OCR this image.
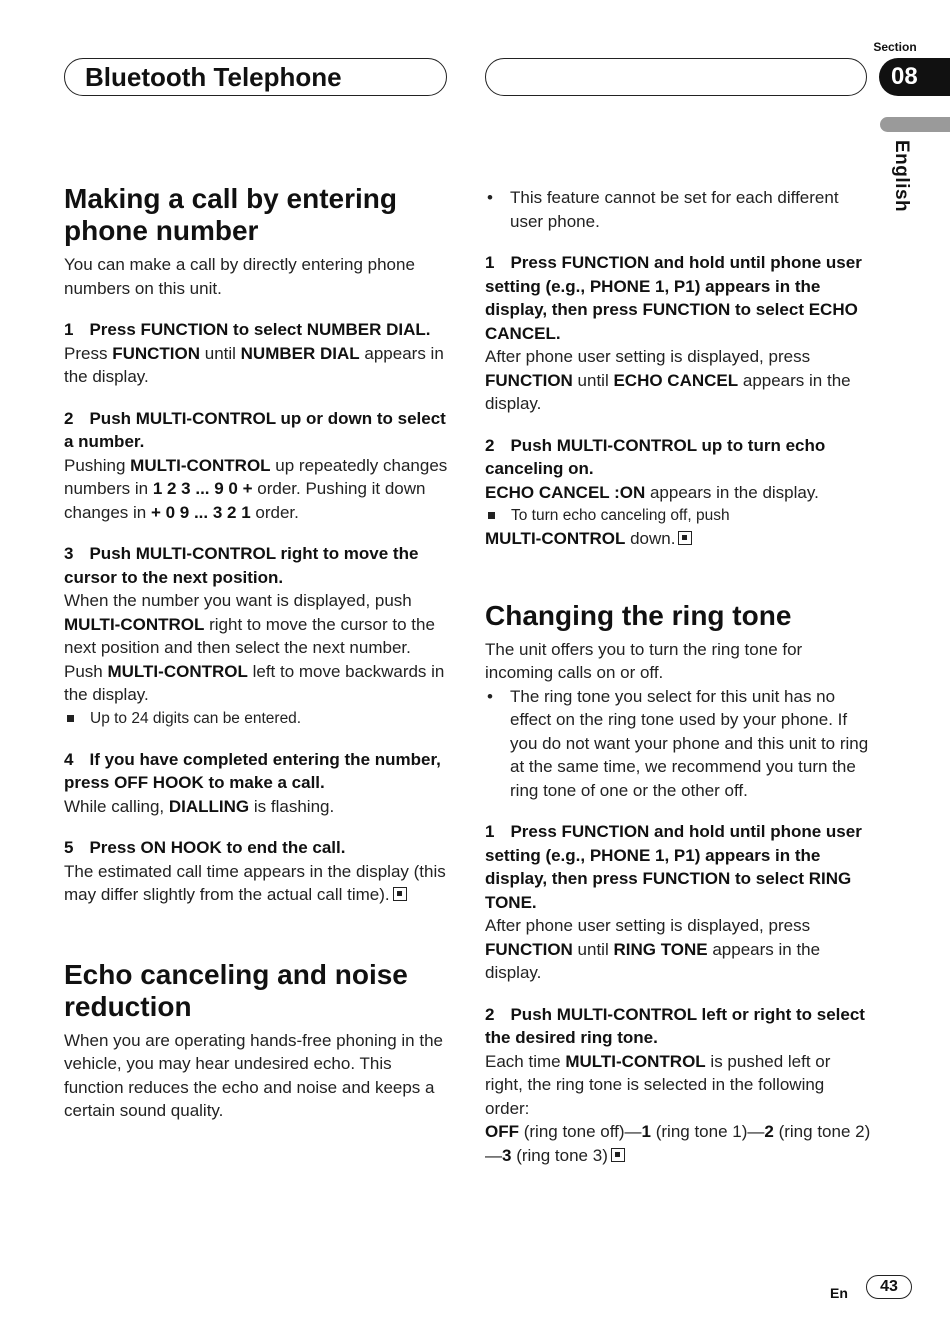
Bluetooth Telephone
Section
08
English
Making a call by entering phone number

You can make a call by directly entering phone numbers on this unit.

1 Press FUNCTION to select NUMBER DIAL.

Press FUNCTION until NUMBER DIAL appears in the display.

2 Push MULTI-CONTROL up or down to select a number.

Pushing MULTI-CONTROL up repeatedly changes numbers in 1 2 3 ... 9 0 + order. Pushing it down changes in + 0 9 ... 3 2 1 order.

3 Push MULTI-CONTROL right to move the cursor to the next position.

When the number you want is displayed, push MULTI-CONTROL right to move the cursor to the next position and then select the next number. Push MULTI-CONTROL left to move backwards in the display.

Up to 24 digits can be entered.

4 If you have completed entering the number, press OFF HOOK to make a call.

While calling, DIALLING is flashing.

5 Press ON HOOK to end the call.

The estimated call time appears in the display (this may differ slightly from the actual call time).

Echo canceling and noise reduction

When you are operating hands-free phoning in the vehicle, you may hear undesired echo. This function reduces the echo and noise and keeps a certain sound quality.

• This feature cannot be set for each different user phone.

1 Press FUNCTION and hold until phone user setting (e.g., PHONE 1, P1) appears in the display, then press FUNCTION to select ECHO CANCEL.

After phone user setting is displayed, press FUNCTION until ECHO CANCEL appears in the display.

2 Push MULTI-CONTROL up to turn echo canceling on.

ECHO CANCEL :ON appears in the display.

To turn echo canceling off, push

MULTI-CONTROL down.

Changing the ring tone

The unit offers you to turn the ring tone for incoming calls on or off.

• The ring tone you select for this unit has no effect on the ring tone used by your phone. If you do not want your phone and this unit to ring at the same time, we recommend you turn the ring tone of one or the other off.

1 Press FUNCTION and hold until phone user setting (e.g., PHONE 1, P1) appears in the display, then press FUNCTION to select RING TONE.

After phone user setting is displayed, press FUNCTION until RING TONE appears in the display.

2 Push MULTI-CONTROL left or right to select the desired ring tone.

Each time MULTI-CONTROL is pushed left or right, the ring tone is selected in the following order:

OFF (ring tone off)—1 (ring tone 1)—2 (ring tone 2)—3 (ring tone 3)

En	43
